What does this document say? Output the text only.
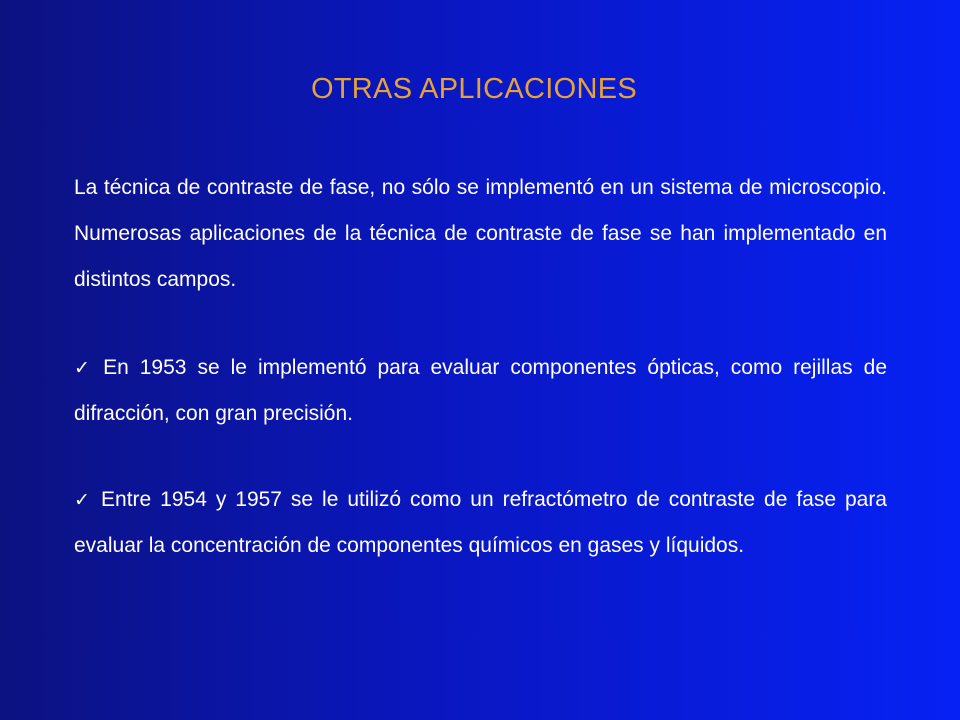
OTRAS APLICACIONES

La técnica de contraste de fase, no sólo se implementó en un sistema de microscopio. Numerosas aplicaciones de la técnica de contraste de fase se han implementado en distintos campos.

✓ En 1953 se le implementó para evaluar componentes ópticas, como rejillas de difracción, con gran precisión.

✓ Entre 1954 y 1957 se le utilizó como un refractómetro de contraste de fase para evaluar la concentración de componentes químicos en gases y líquidos.
